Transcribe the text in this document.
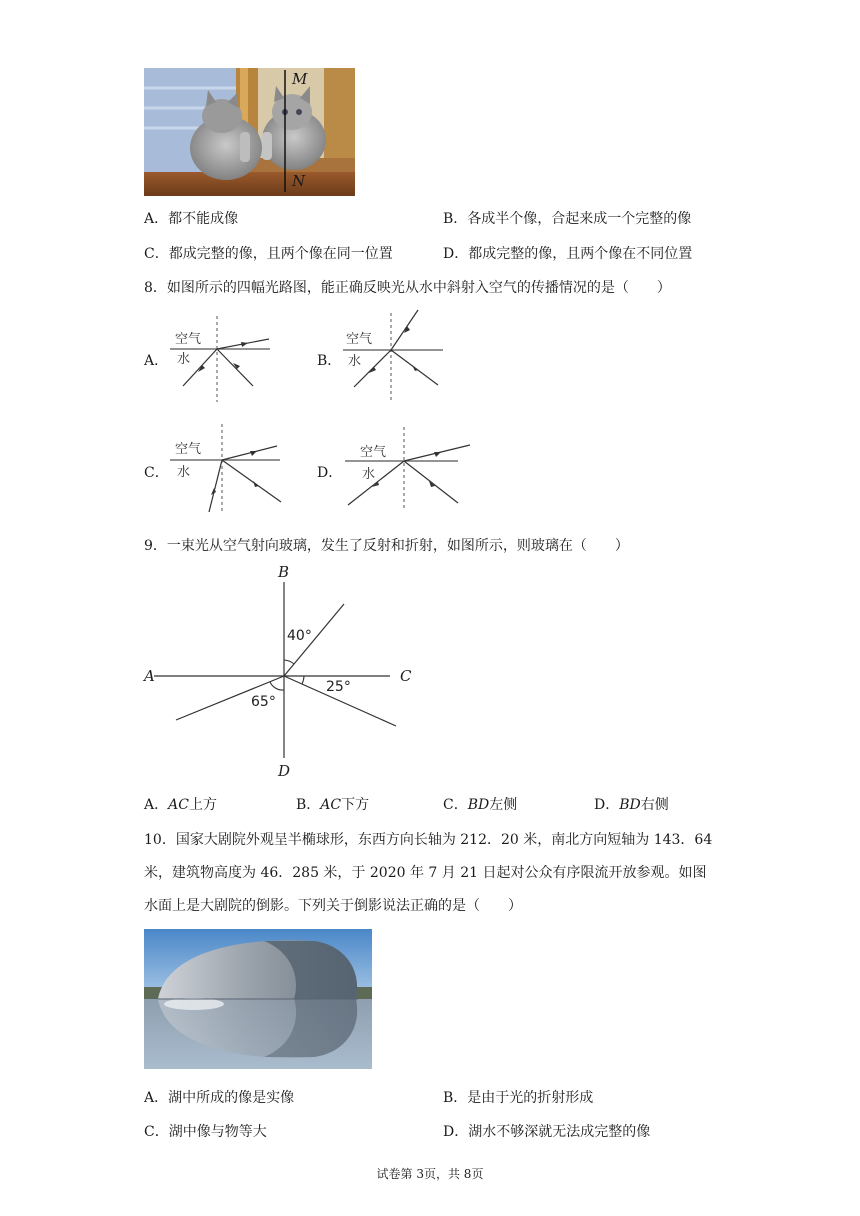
M
N
A．都不能成像	B．各成半个像，合起来成一个完整的像
C．都成完整的像，且两个像在同一位置	D．都成完整的像，且两个像在不同位置
8．如图所示的四幅光路图，能正确反映光从水中斜射入空气的传播情况的是（　　）
A．
空气
水	B．
空气
水
C．
空气
水	D．
空气
水
9．一束光从空气射向玻璃，发生了反射和折射，如图所示，则玻璃在（　　）
A
B
C
D
40°
25°
65°
A．AC上方	B．AC下方	C．BD左侧	D．BD右侧
10．国家大剧院外观呈半椭球形，东西方向长轴为 212．20 米，南北方向短轴为 143．64
米，建筑物高度为 46．285 米，于 2020 年 7 月 21 日起对公众有序限流开放参观。如图
水面上是大剧院的倒影。下列关于倒影说法正确的是（　　）
A．湖中所成的像是实像	B．是由于光的折射形成
C．湖中像与物等大	D．湖水不够深就无法成完整的像
试卷第 3页，共 8页
